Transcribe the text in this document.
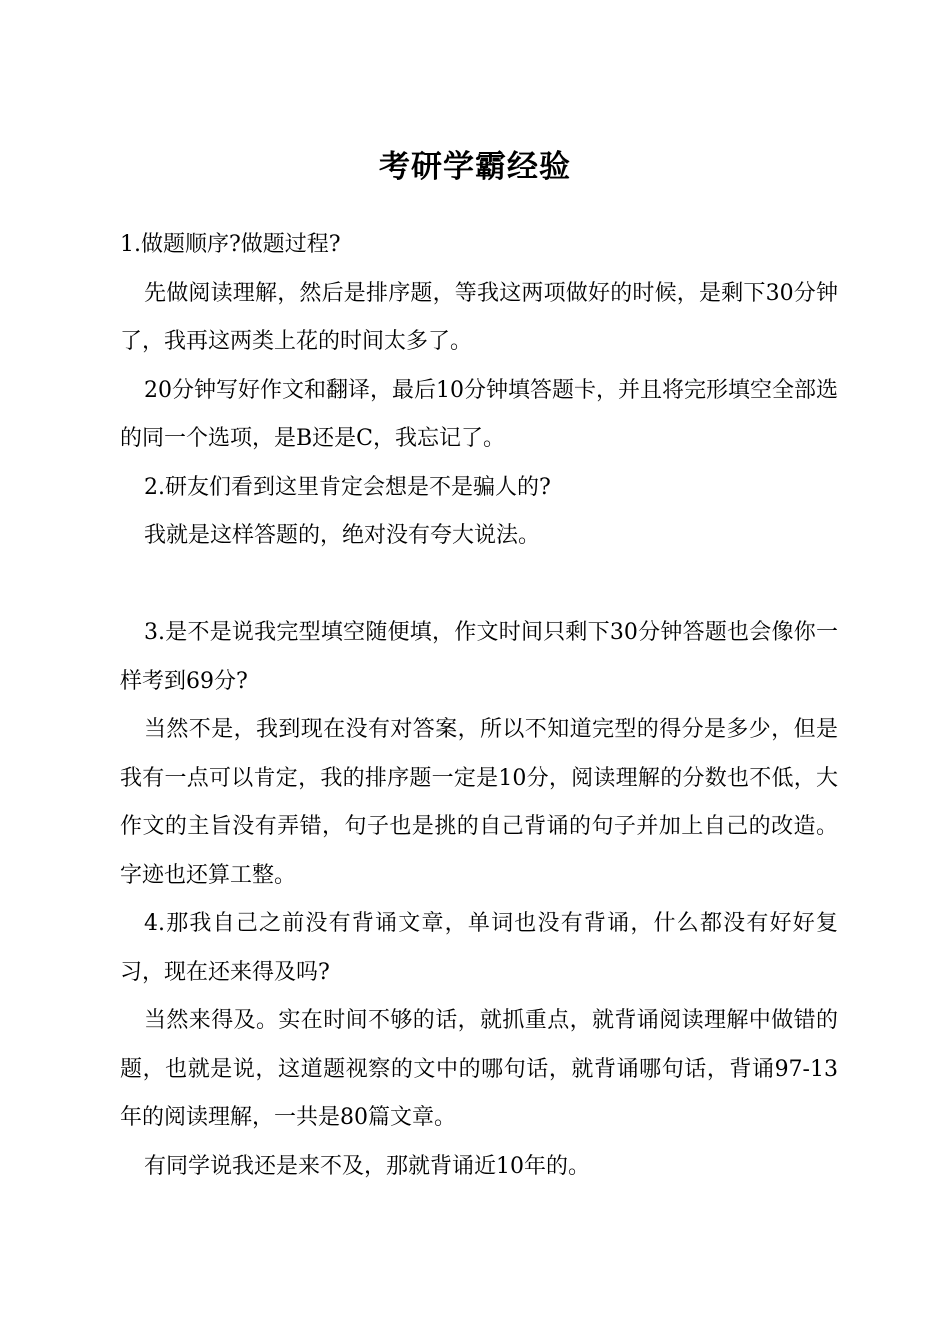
考研学霸经验

1.做题顺序?做题过程?

先做阅读理解，然后是排序题，等我这两项做好的时候，是剩下30分钟了，我再这两类上花的时间太多了。

20分钟写好作文和翻译，最后10分钟填答题卡，并且将完形填空全部选的同一个选项，是B还是C，我忘记了。

2.研友们看到这里肯定会想是不是骗人的?

我就是这样答题的，绝对没有夸大说法。

3.是不是说我完型填空随便填，作文时间只剩下30分钟答题也会像你一样考到69分?

当然不是，我到现在没有对答案，所以不知道完型的得分是多少，但是我有一点可以肯定，我的排序题一定是10分，阅读理解的分数也不低，大作文的主旨没有弄错，句子也是挑的自己背诵的句子并加上自己的改造。字迹也还算工整。

4.那我自己之前没有背诵文章，单词也没有背诵，什么都没有好好复习，现在还来得及吗?

当然来得及。实在时间不够的话，就抓重点，就背诵阅读理解中做错的题，也就是说，这道题视察的文中的哪句话，就背诵哪句话，背诵97-13年的阅读理解，一共是80篇文章。

有同学说我还是来不及，那就背诵近10年的。
